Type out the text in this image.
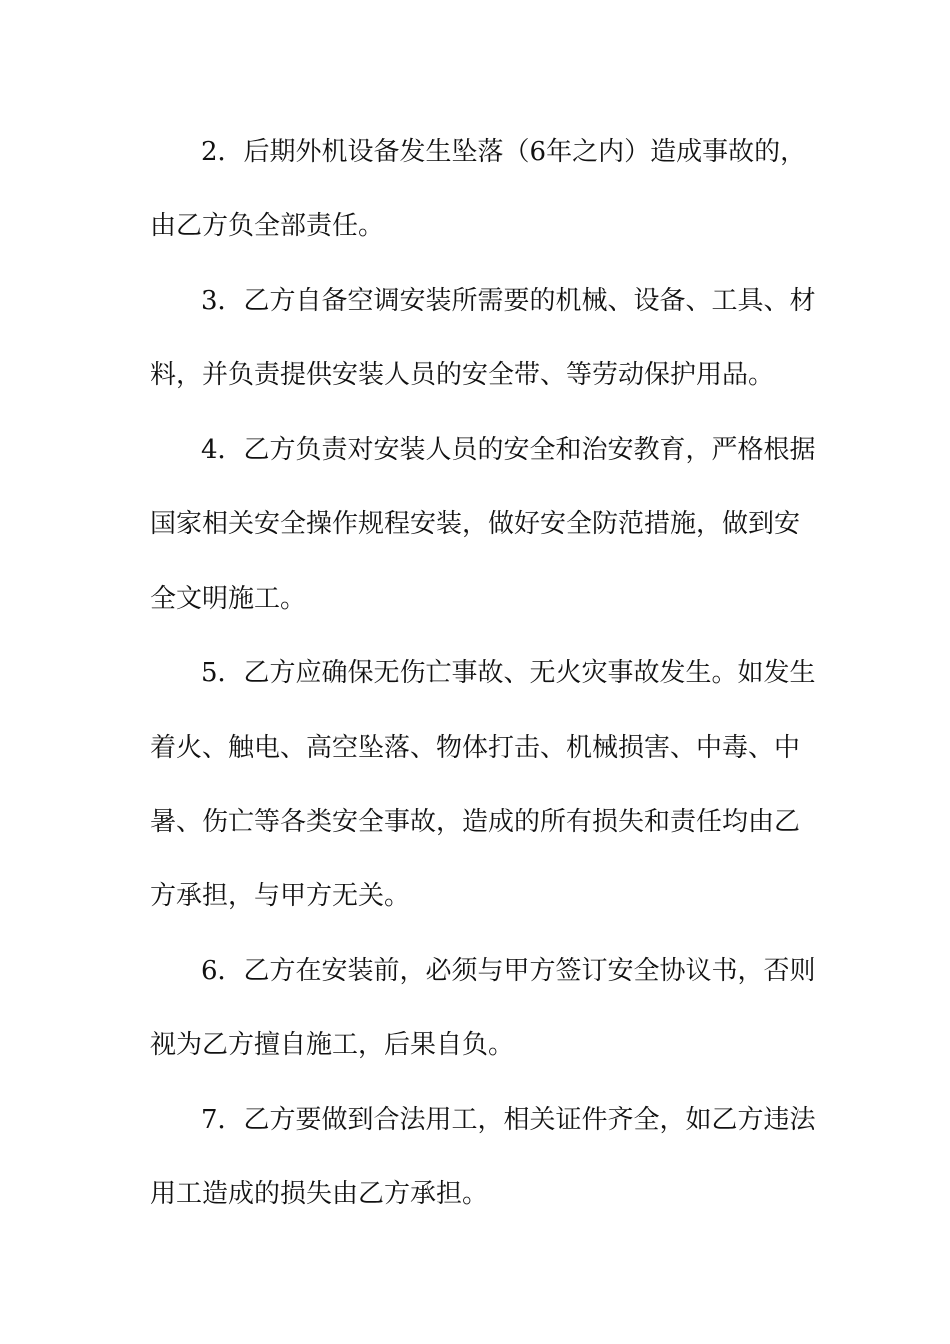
2．后期外机设备发生坠落（6年之内）造成事故的，
由乙方负全部责任。
3．乙方自备空调安装所需要的机械、设备、工具、材
料，并负责提供安装人员的安全带、等劳动保护用品。
4．乙方负责对安装人员的安全和治安教育，严格根据
国家相关安全操作规程安装，做好安全防范措施，做到安
全文明施工。
5．乙方应确保无伤亡事故、无火灾事故发生。如发生
着火、触电、高空坠落、物体打击、机械损害、中毒、中
暑、伤亡等各类安全事故，造成的所有损失和责任均由乙
方承担，与甲方无关。
6．乙方在安装前，必须与甲方签订安全协议书，否则
视为乙方擅自施工，后果自负。
7．乙方要做到合法用工，相关证件齐全，如乙方违法
用工造成的损失由乙方承担。
